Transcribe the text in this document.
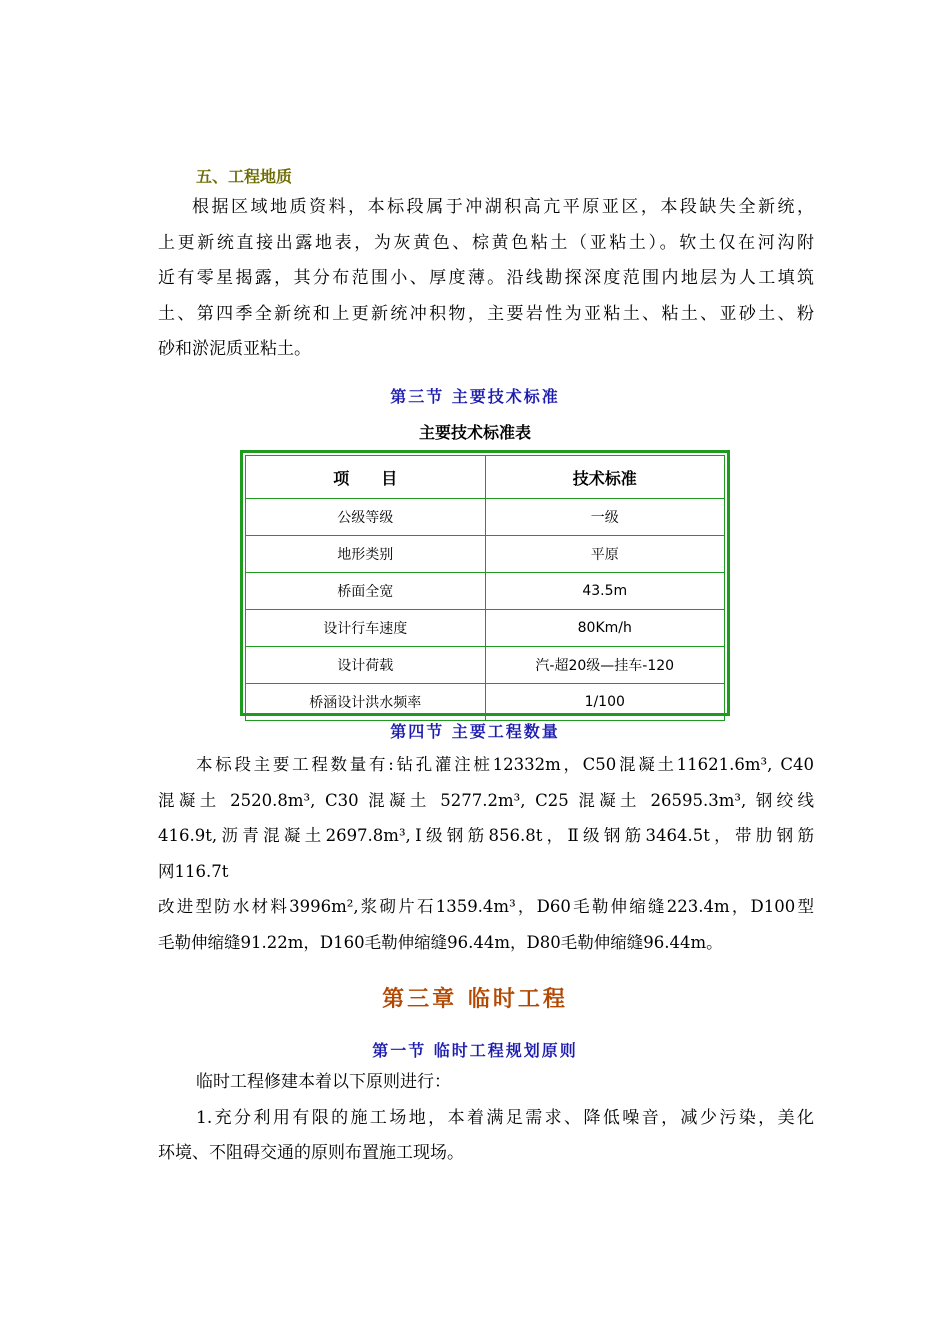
五、工程地质
根据区域地质资料，本标段属于冲湖积高亢平原亚区，本段缺失全新统，
上更新统直接出露地表，为灰黄色、棕黄色粘土（亚粘土）。软土仅在河沟附
近有零星揭露，其分布范围小、厚度薄。沿线勘探深度范围内地层为人工填筑
土、第四季全新统和上更新统冲积物，主要岩性为亚粘土、粘土、亚砂土、粉
砂和淤泥质亚粘土。
第三节 主要技术标准
主要技术标准表
项　　目	技术标准
公级等级	一级
地形类别	平原
桥面全宽	43.5m
设计行车速度	80Km/h
设计荷载	汽-超20级—挂车-120
桥涵设计洪水频率	1/100
第四节 主要工程数量
本标段主要工程数量有:钻孔灌注桩12332m，C50混凝土11621.6m³, C40
混凝土 2520.8m³, C30 混凝土 5277.2m³, C25 混凝土 26595.3m³, 钢绞线
416.9t,沥青混凝土2697.8m³,Ⅰ级钢筋856.8t，Ⅱ级钢筋3464.5t，带肋钢筋
网116.7t
改进型防水材料3996m²,浆砌片石1359.4m³，D60毛勒伸缩缝223.4m，D100型
毛勒伸缩缝91.22m，D160毛勒伸缩缝96.44m，D80毛勒伸缩缝96.44m。
第三章 临时工程
第一节 临时工程规划原则
临时工程修建本着以下原则进行：
1.充分利用有限的施工场地，本着满足需求、降低噪音，减少污染，美化
环境、不阻碍交通的原则布置施工现场。
